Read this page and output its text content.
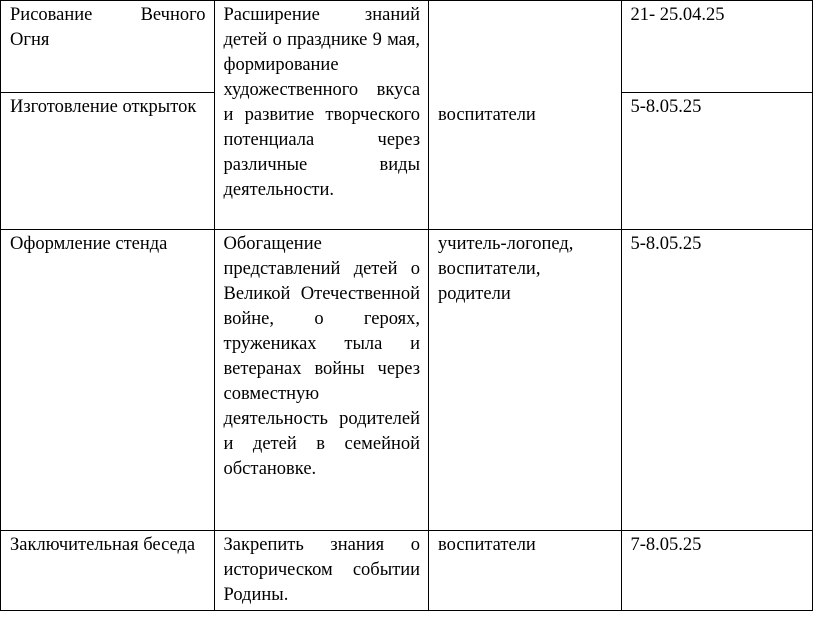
Рисование Вечного Огня	Расширение знаний детей о празднике 9 мая, формирование художественного вкуса и развитие творческого потенциала через различные виды деятельности.	воспитатели	21- 25.04.25

Изготовление открыток			5-8.05.25

Оформление стенда	Обогащение представлений детей о Великой Отечественной войне, о героях, тружениках тыла и ветеранах войны через совместную деятельность родителей и детей в семейной обстановке.	учитель-логопед, воспитатели, родители	5-8.05.25

Заключительная беседа	Закрепить знания о историческом событии Родины.	воспитатели	7-8.05.25
